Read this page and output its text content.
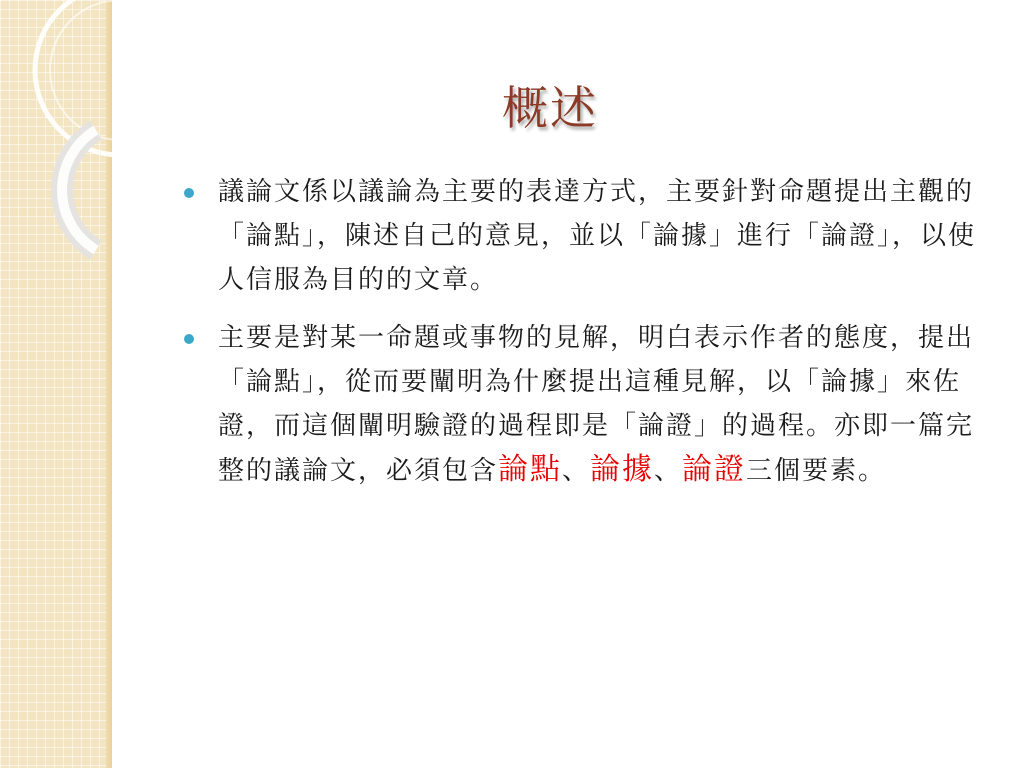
概述
議論文係以議論為主要的表達方式，主要針對命題提出主觀的「論點」，陳述自己的意見，並以「論據」進行「論證」，以使人信服為目的的文章。
主要是對某一命題或事物的見解，明白表示作者的態度，提出「論點」，從而要闡明為什麼提出這種見解，以「論據」來佐證，而這個闡明驗證的過程即是「論證」的過程。亦即一篇完整的議論文，必須包含論點、論據、論證三個要素。
